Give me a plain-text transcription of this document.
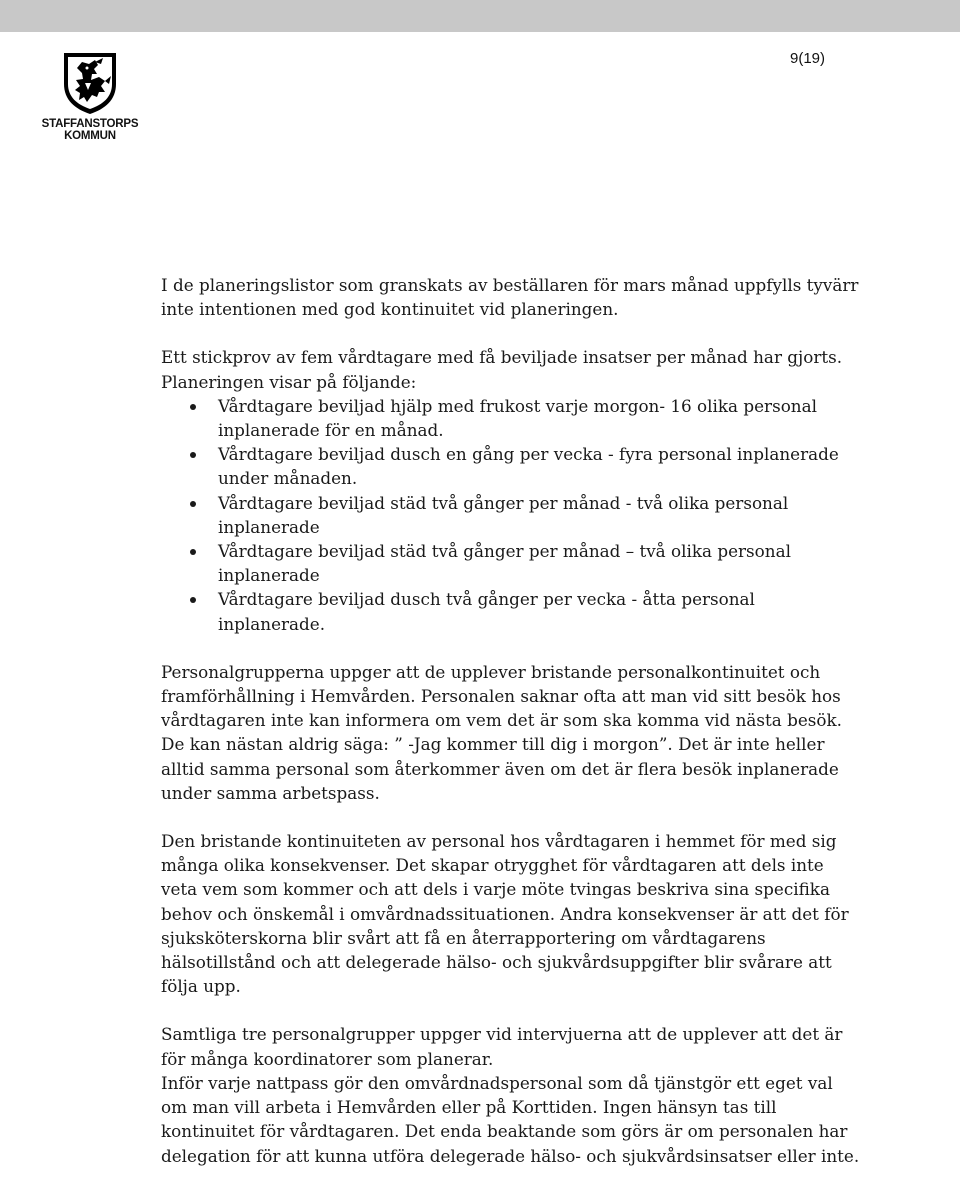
STAFFANSTORPS
KOMMUN
9(19)

I de planeringslistor som granskats av beställaren för mars månad uppfylls tyvärr inte intentionen med god kontinuitet vid planeringen.

Ett stickprov av fem vårdtagare med få beviljade insatser per månad har gjorts.

Planeringen visar på följande:

Vårdtagare beviljad hjälp med frukost varje morgon- 16 olika personal inplanerade för en månad.
Vårdtagare beviljad dusch en gång per vecka - fyra personal inplanerade under månaden.
Vårdtagare beviljad städ två gånger per månad - två olika personal inplanerade
Vårdtagare beviljad städ två gånger per månad – två olika personal inplanerade
Vårdtagare beviljad dusch två gånger per vecka - åtta personal inplanerade.

Personalgrupperna uppger att de upplever bristande personalkontinuitet och framförhållning i Hemvården. Personalen saknar ofta att man vid sitt besök hos vårdtagaren inte kan informera om vem det är som ska komma vid nästa besök. De kan nästan aldrig säga: ” -Jag kommer till dig i morgon”. Det är inte heller alltid samma personal som återkommer även om det är flera besök inplanerade under samma arbetspass.

Den bristande kontinuiteten av personal hos vårdtagaren i hemmet för med sig många olika konsekvenser. Det skapar otrygghet för vårdtagaren att dels inte veta vem som kommer och att dels i varje möte tvingas beskriva sina specifika behov och önskemål i omvårdnadssituationen. Andra konsekvenser är att det för sjuksköterskorna blir svårt att få en återrapportering om vårdtagarens hälsotillstånd och att delegerade hälso- och sjukvårdsuppgifter blir svårare att följa upp.

Samtliga tre personalgrupper uppger vid intervjuerna att de upplever att det är för många koordinatorer som planerar.

Inför varje nattpass gör den omvårdnadspersonal som då tjänstgör ett eget val om man vill arbeta i Hemvården eller på Korttiden. Ingen hänsyn tas till kontinuitet för vårdtagaren. Det enda beaktande som görs är om personalen har delegation för att kunna utföra delegerade hälso- och sjukvårdsinsatser eller inte.
